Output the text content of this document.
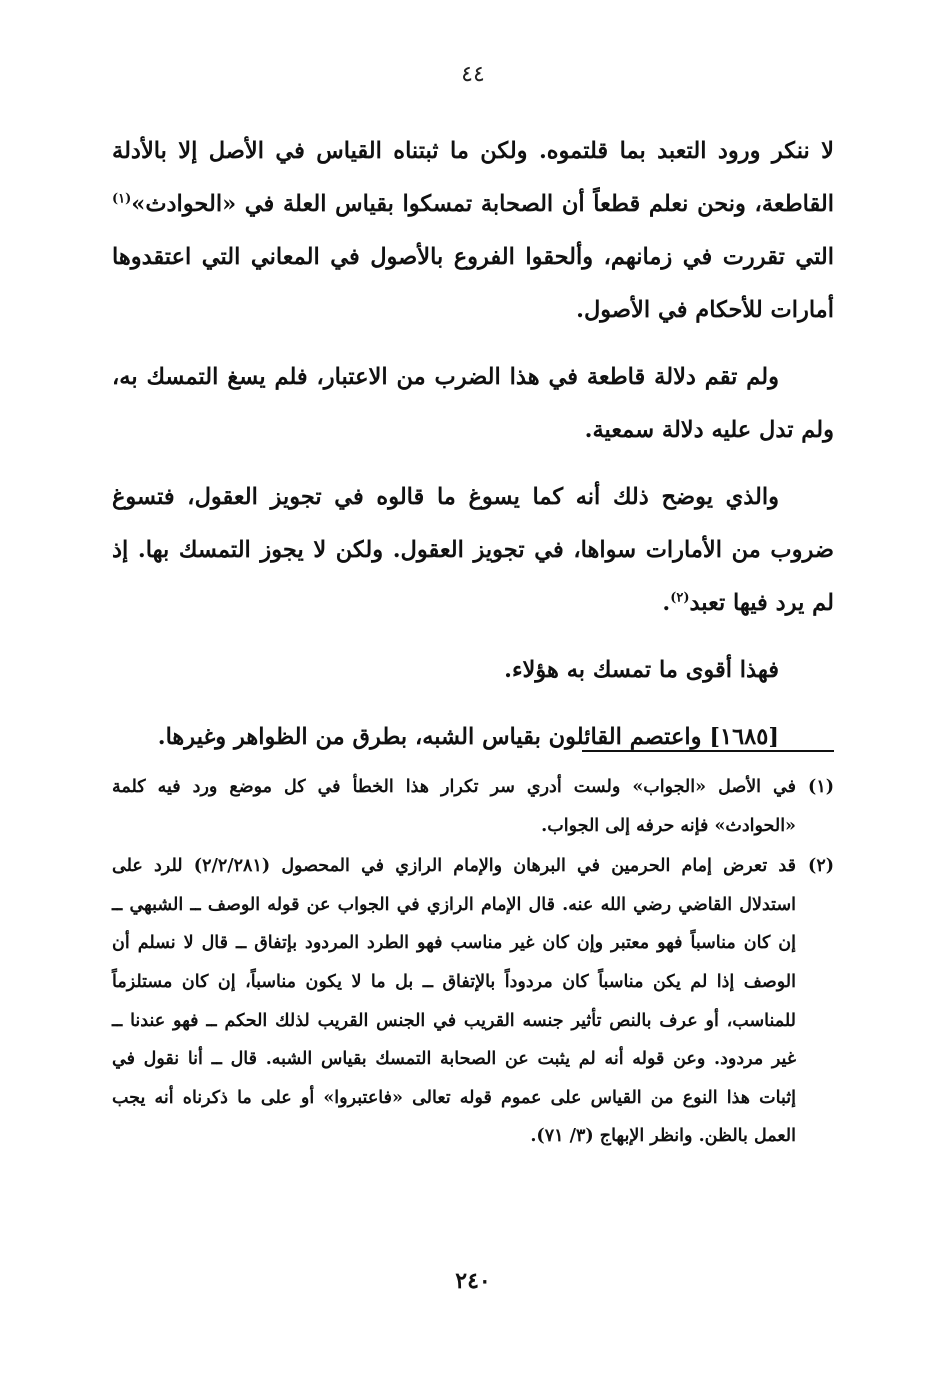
٤٤

لا ننكر ورود التعبد بما قلتموه. ولكن ما ثبتناه القياس في الأصل إلا بالأدلة القاطعة، ونحن نعلم قطعاً أن الصحابة تمسكوا بقياس العلة في «الحوادث»$^{(١)}$ التي تقررت في زمانهم، وألحقوا الفروع بالأصول في المعاني التي اعتقدوها أمارات للأحكام في الأصول.

ولم تقم دلالة قاطعة في هذا الضرب من الاعتبار، فلم يسغ التمسك به، ولم تدل عليه دلالة سمعية.

والذي يوضح ذلك أنه كما يسوغ ما قالوه في تجويز العقول، فتسوغ ضروب من الأمارات سواها، في تجويز العقول. ولكن لا يجوز التمسك بها. إذ لم يرد فيها تعبد$^{(٢)}$.

فهذا أقوى ما تمسك به هؤلاء.

[١٦٨٥] واعتصم القائلون بقياس الشبه، بطرق من الظواهر وغيرها.

(١)
في الأصل «الجواب» ولست أدري سر تكرار هذا الخطأ في كل موضع ورد فيه كلمة «الحوادث» فإنه حرفه إلى الجواب.
(٢)
قد تعرض إمام الحرمين في البرهان والإمام الرازي في المحصول (٢/٢/٢٨١) للرد على استدلال القاضي رضي الله عنه. قال الإمام الرازي في الجواب عن قوله الوصف ــ الشبهي ــ إن كان مناسباً فهو معتبر وإن كان غير مناسب فهو الطرد المردود بإتفاق ــ قال لا نسلم أن الوصف إذا لم يكن مناسباً كان مردوداً بالإتفاق ــ بل ما لا يكون مناسباً، إن كان مستلزماً للمناسب، أو عرف بالنص تأثير جنسه القريب في الجنس القريب لذلك الحكم ــ فهو عندنا ــ غير مردود. وعن قوله أنه لم يثبت عن الصحابة التمسك بقياس الشبه. قال ــ أنا نقول في إثبات هذا النوع من القياس على عموم قوله تعالى «فاعتبروا» أو على ما ذكرناه أنه يجب العمل بالظن. وانظر الإبهاج (٣/ ٧١).
٢٤٠
